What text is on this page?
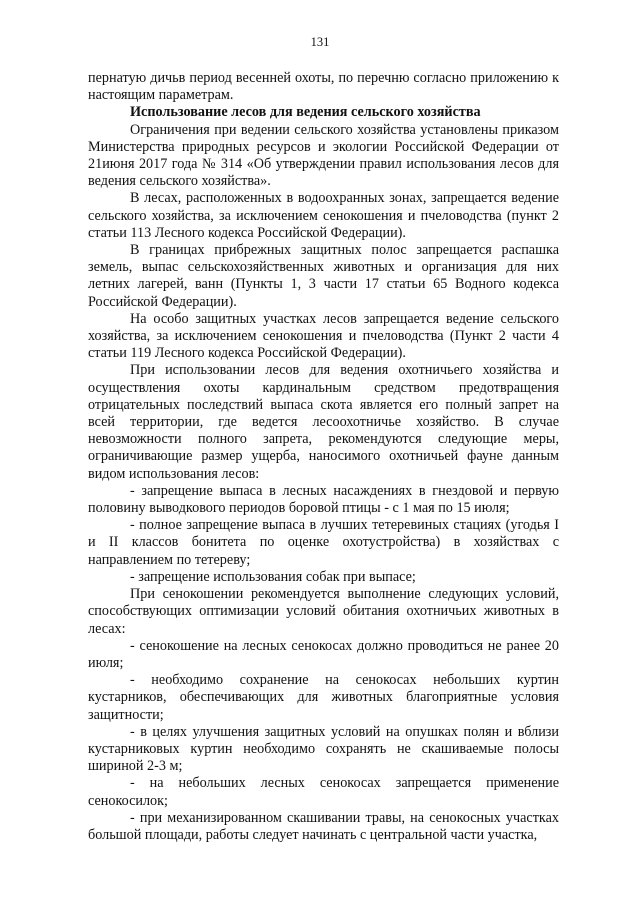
131

пернатую дичьв период весенней охоты, по перечню согласно приложению к настоящим параметрам.

Использование лесов для ведения сельского хозяйства

Ограничения при ведении сельского хозяйства установлены приказом Министерства природных ресурсов и экологии Российской Федерации от 21июня 2017 года № 314 «Об утверждении правил использования лесов для ведения сельского хозяйства».

В лесах, расположенных в водоохранных зонах, запрещается ведение сельского хозяйства, за исключением сенокошения и пчеловодства (пункт 2 статьи 113 Лесного кодекса Российской Федерации).

В границах прибрежных защитных полос запрещается распашка земель, выпас сельскохозяйственных животных и организация для них летних лагерей, ванн (Пункты 1, 3 части 17 статьи 65 Водного кодекса Российской Федерации).

На особо защитных участках лесов запрещается ведение сельского хозяйства, за исключением сенокошения и пчеловодства (Пункт 2 части 4 статьи 119 Лесного кодекса Российской Федерации).

При использовании лесов для ведения охотничьего хозяйства и осуществления охоты кардинальным средством предотвращения отрицательных последствий выпаса скота является его полный запрет на всей территории, где ведется лесоохотничье хозяйство. В случае невозможности полного запрета, рекомендуются следующие меры, ограничивающие размер ущерба, наносимого охотничьей фауне данным видом использования лесов:

- запрещение выпаса в лесных насаждениях в гнездовой и первую половину выводкового периодов боровой птицы - с 1 мая по 15 июля;

- полное запрещение выпаса в лучших тетеревиных стациях (угодья I и II классов бонитета по оценке охотустройства) в хозяйствах с направлением по тетереву;

- запрещение использования собак при выпасе;

При сенокошении рекомендуется выполнение следующих условий, способствующих оптимизации условий обитания охотничьих животных в лесах:

- сенокошение на лесных сенокосах должно проводиться не ранее 20 июля;

- необходимо сохранение на сенокосах небольших куртин кустарников, обеспечивающих для животных благоприятные условия защитности;

- в целях улучшения защитных условий на опушках полян и вблизи кустарниковых куртин необходимо сохранять не скашиваемые полосы шириной 2-3 м;

- на небольших лесных сенокосах запрещается применение сенокосилок;

- при механизированном скашивании травы, на сенокосных участках большой площади, работы следует начинать с центральной части участка,
